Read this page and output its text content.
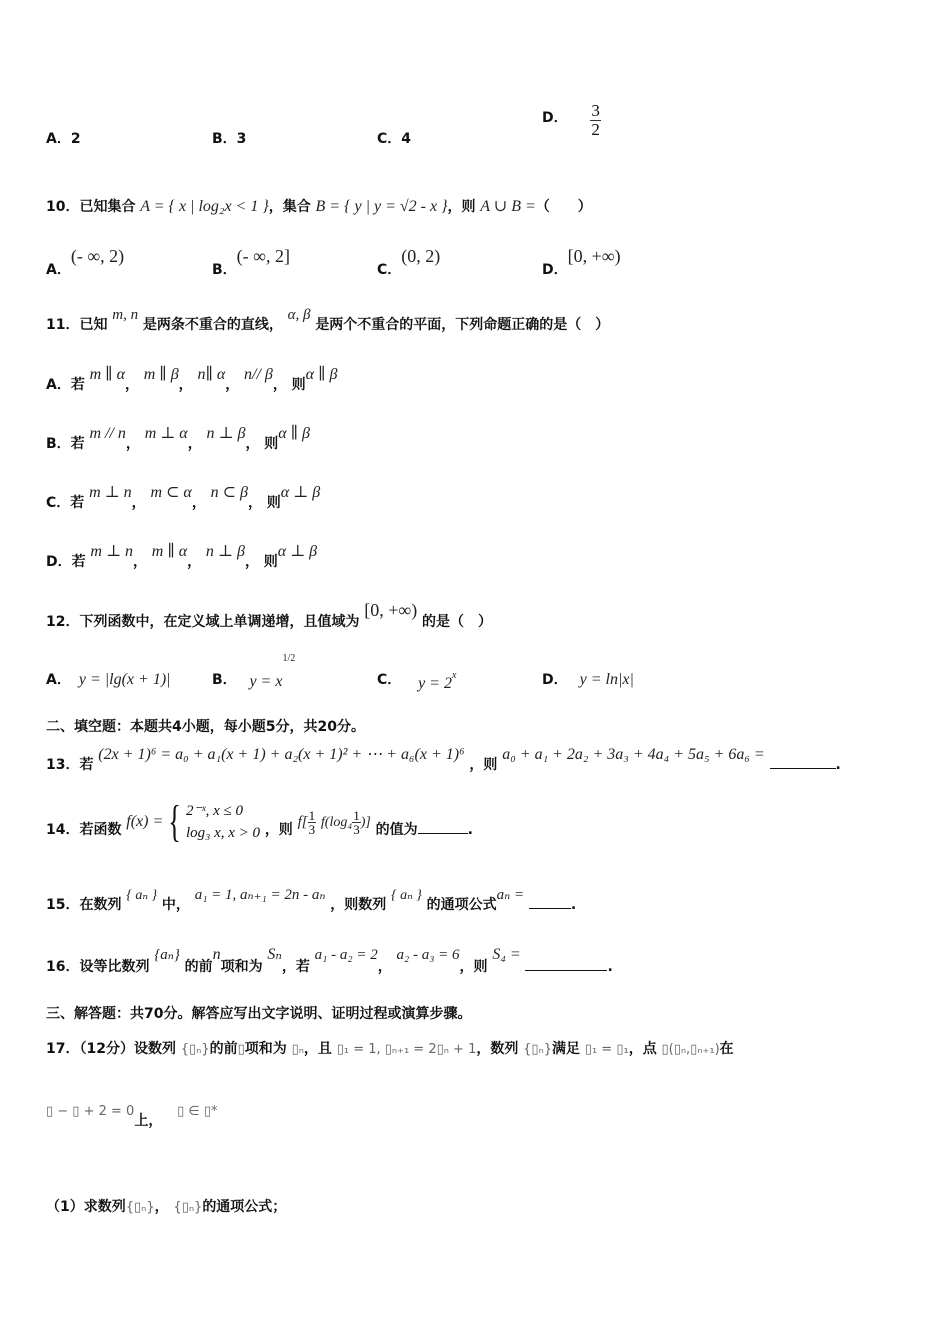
A．2	B．3	C．4
D． $\frac{3}{2}$
10．已知集合 A = { x | log₂x < 1 }，集合 B = { y | y = √2 - x }，则 A ∪ B =（　　）
A．(- ∞, 2)
B．(- ∞, 2]
C．(0, 2)
D．[0, +∞)
11．已知 m, n 是两条不重合的直线， α, β 是两个不重合的平面，下列命题正确的是（　）
A．若 m ∥ α， m ∥ β， n∥ α， n// β， 则α ∥ β
B．若 m // n， m ⊥ α， n ⊥ β， 则α ∥ β
C．若 m ⊥ n， m ⊂ α， n ⊂ β， 则α ⊥ β
D．若 m ⊥ n， m ∥ α， n ⊥ β， 则α ⊥ β
12．下列函数中，在定义域上单调递增，且值域为 [0, +∞) 的是（　）
A． y = |lg(x + 1)|	B． $y = x^{1/2}$
C． $y = 2^x$	D． y = ln|x|
二、填空题：本题共4小题，每小题5分，共20分。
13．若 (2x + 1)⁶ = a₀ + a₁(x + 1) + a₂(x + 1)² + ⋯ + a₆(x + 1)⁶ ，则 a₀ + a₁ + 2a₂ + 3a₃ + 4a₄ + 5a₅ + 6a₆ = .
14．若函数 f(x) = { 2⁻ˣ, x ≤ 0
log₃ x, x > 0 ，则 $f[ \frac{1}{3} f(\log_4 \frac{1}{3}$ )] 的值为	.
15．在数列 { aₙ } 中， a₁ = 1, aₙ₊₁ = 2n - aₙ ，则数列 { aₙ } 的通项公式aₙ = .
16．设等比数列 {aₙ} 的前n项和为 Sₙ，若 a₁ - a₂ = 2， a₂ - a₃ = 6，则 S₄ = .
三、解答题：共70分。解答应写出文字说明、证明过程或演算步骤。
17．（12分）设数列 {▯ₙ}的前▯项和为 ▯ₙ，且 ▯₁ = 1, ▯ₙ₊₁ = 2▯ₙ + 1，数列 {▯ₙ}满足 ▯₁ = ▯₁，点 ▯(▯ₙ,▯ₙ₊₁)在
▯ − ▯ + 2 = 0上， ▯ ∈ ▯*
（1）求数列{▯ₙ}， {▯ₙ}的通项公式；
